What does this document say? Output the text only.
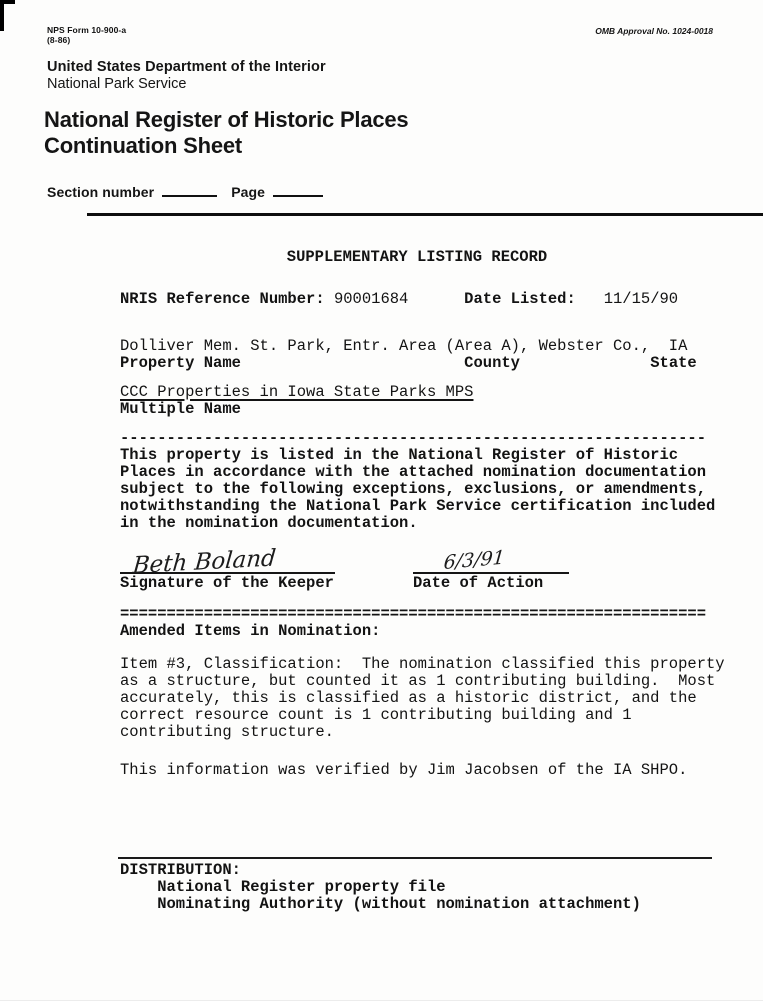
NPS Form 10-900-a
(8-86)
OMB Approval No. 1024-0018
United States Department of the Interior
National Park Service
National Register of Historic Places
Continuation Sheet
Section number	Page
SUPPLEMENTARY LISTING RECORD
NRIS Reference Number: 90001684	Date Listed:   11/15/90
Dolliver Mem. St. Park, Entr. Area (Area A), Webster Co.,  IA
Property Name	County	State
CCC Properties in Iowa State Parks MPS
Multiple Name
---------------------------------------------------------------
This property is listed in the National Register of Historic
Places in accordance with the attached nomination documentation
subject to the following exceptions, exclusions, or amendments,
notwithstanding the National Park Service certification included
in the nomination documentation.
Beth Boland
Signature of the Keeper
6/3/91
Date of Action
===============================================================
Amended Items in Nomination:
Item #3, Classification:  The nomination classified this property
as a structure, but counted it as 1 contributing building.  Most
accurately, this is classified as a historic district, and the
correct resource count is 1 contributing building and 1
contributing structure.
This information was verified by Jim Jacobsen of the IA SHPO.
DISTRIBUTION:
National Register property file
Nominating Authority (without nomination attachment)
